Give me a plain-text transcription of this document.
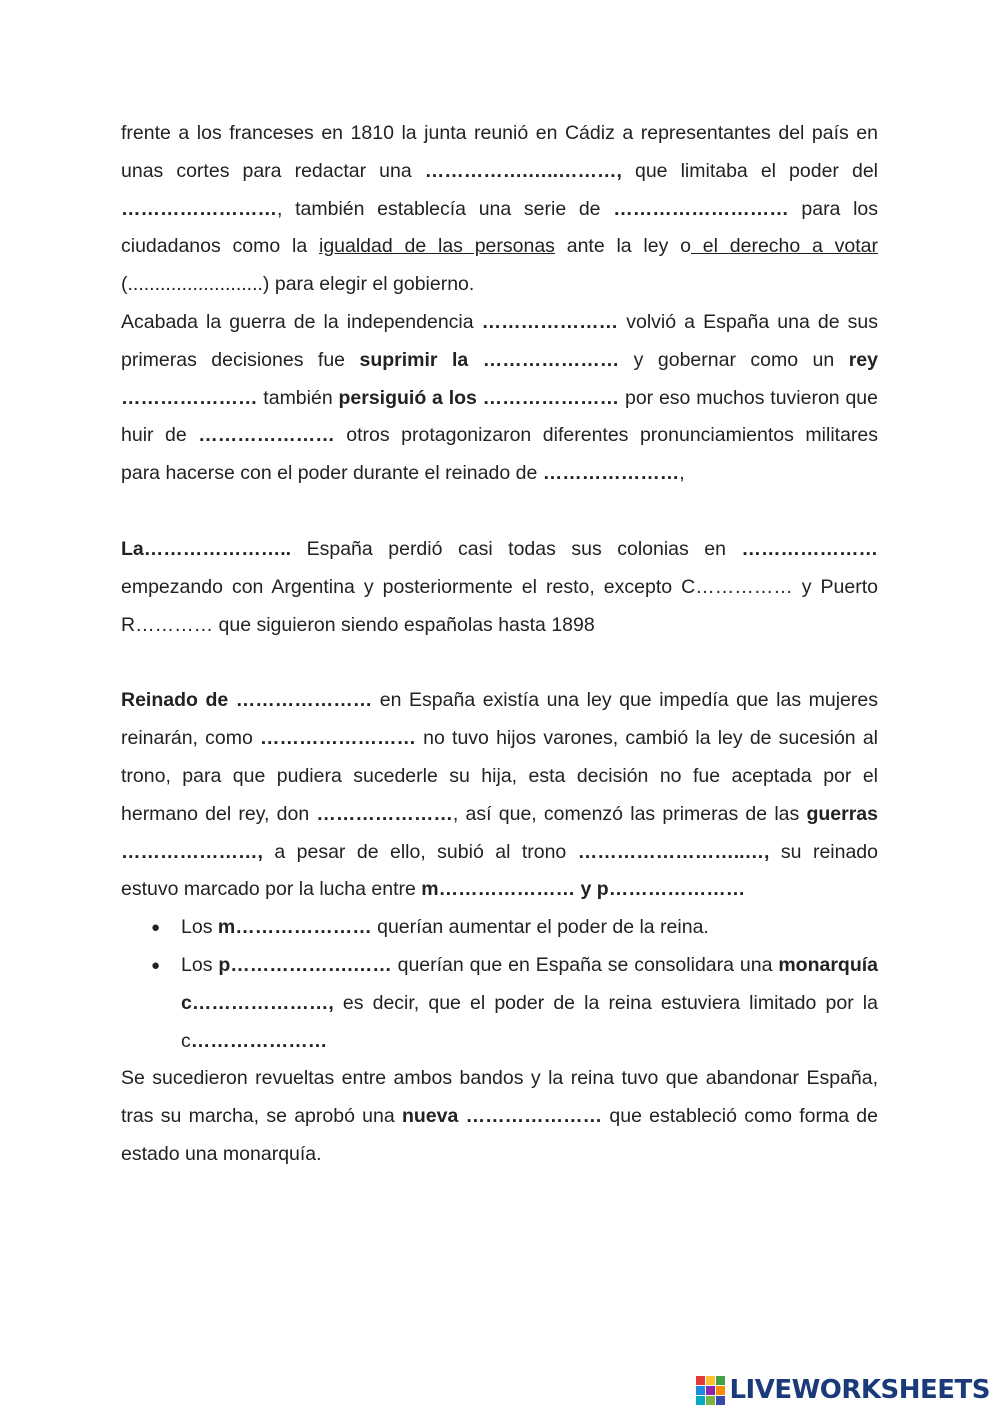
frente a los franceses en 1810 la junta reunió en Cádiz a representantes del país en unas cortes para redactar una …………….…..………, que limitaba el poder del ……………………, también establecía una serie de ……………………… para los ciudadanos como la igualdad de las personas ante la ley o el derecho a votar (.........................) para elegir el gobierno.

Acabada la guerra de la independencia ………………… volvió a España una de sus primeras decisiones fue suprimir la ………………… y gobernar como un rey ………………… también persiguió a los ………………… por eso muchos tuvieron que huir de ………………… otros protagonizaron diferentes pronunciamientos militares para hacerse con el poder durante el reinado de …………………,

La………………….. España perdió casi todas sus colonias en ………………… empezando con Argentina y posteriormente el resto, excepto C…………… y Puerto R………… que siguieron siendo españolas hasta 1898

Reinado de ………………… en España existía una ley que impedía que las mujeres reinarán, como …………………… no tuvo hijos varones, cambió la ley de sucesión al trono, para que pudiera sucederle su hija, esta decisión no fue aceptada por el hermano del rey, don …………………, así que, comenzó las primeras de las guerras …………………, a pesar de ello, subió al trono ……………………..…, su reinado estuvo marcado por la lucha entre m………………… y p…………………

● Los m………………… querían aumentar el poder de la reina.
● Los p……………….…… querían que en España se consolidara una monarquía c…………………, es decir, que el poder de la reina estuviera limitado por la c…………………

Se sucedieron revueltas entre ambos bandos y la reina tuvo que abandonar España, tras su marcha, se aprobó una nueva ………………… que estableció como forma de estado una monarquía.

LIVEWORKSHEETS
